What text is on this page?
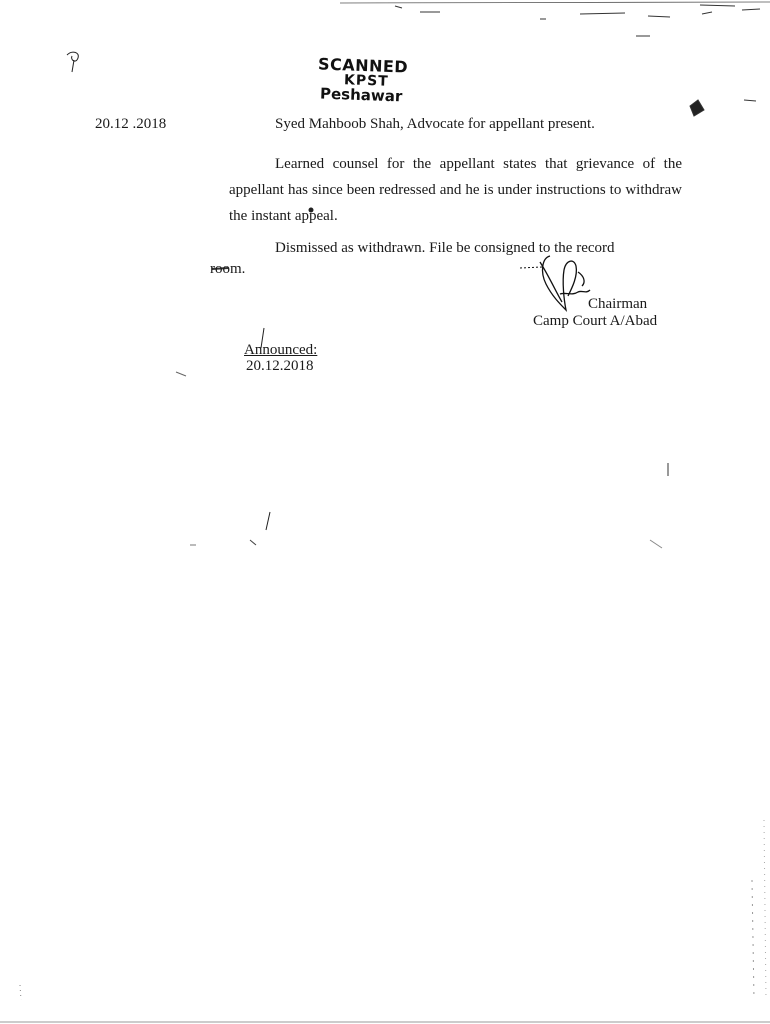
SCANNED
KPST
Peshawar
20.12 .2018	Syed Mahboob Shah, Advocate for appellant present.

Learned counsel for the appellant states that grievance of the appellant has since been redressed and he is under instructions to withdraw the instant appeal.

Dismissed as withdrawn. File be consigned to the record

room.
Chairman
Camp Court A/Abad
Announced:
20.12.2018
